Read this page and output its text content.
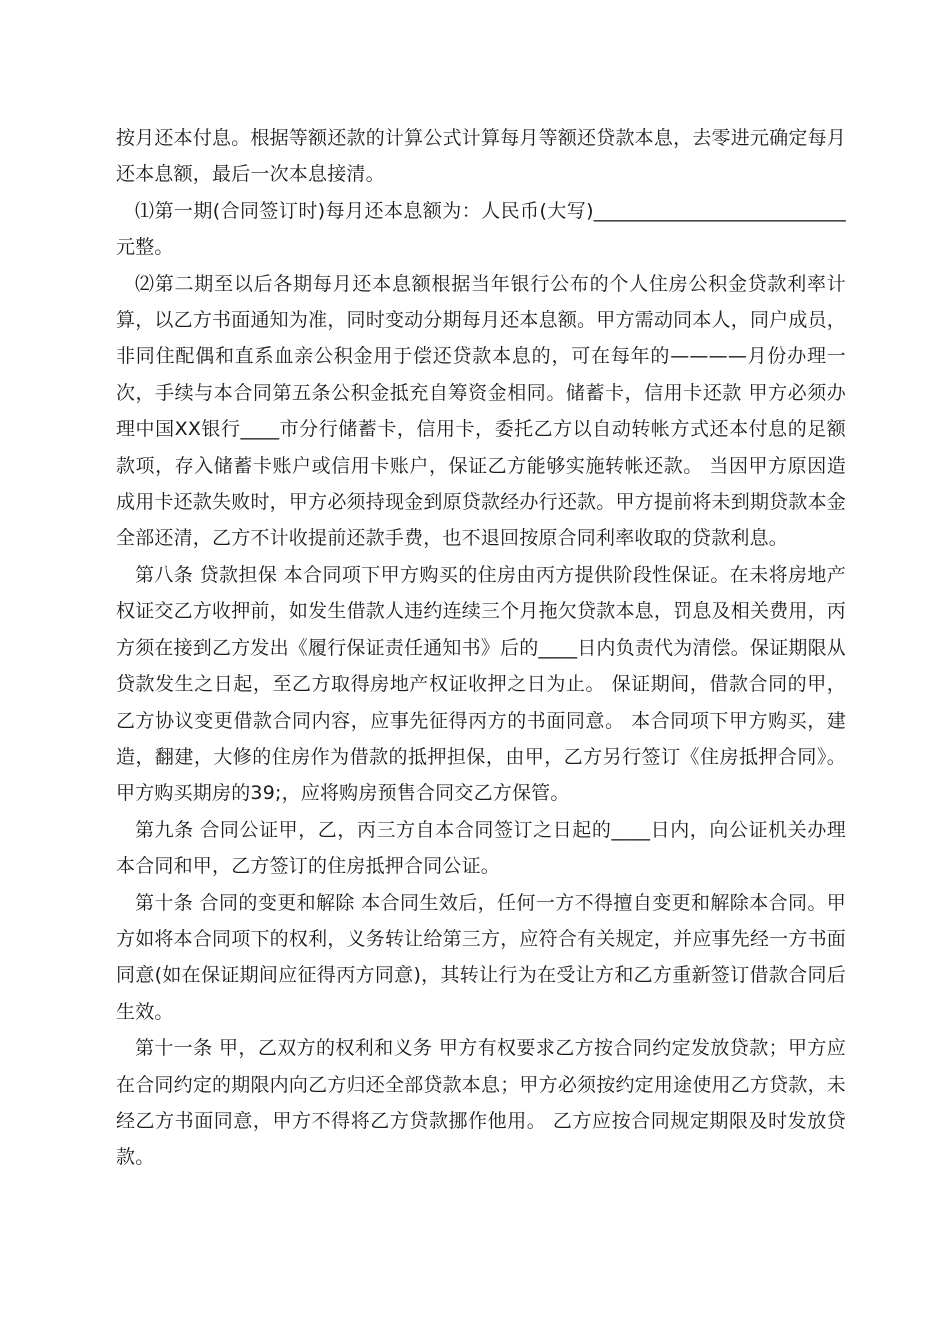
按月还本付息。根据等额还款的计算公式计算每月等额还贷款本息，去零进元确定每月还本息额，最后一次本息接清。

⑴第一期(合同签订时)每月还本息额为：人民币(大写)__________________________元整。

⑵第二期至以后各期每月还本息额根据当年银行公布的个人住房公积金贷款利率计算，以乙方书面通知为准，同时变动分期每月还本息额。甲方需动同本人，同户成员，非同住配偶和直系血亲公积金用于偿还贷款本息的，可在每年的————月份办理一次，手续与本合同第五条公积金抵充自筹资金相同。储蓄卡，信用卡还款 甲方必须办理中国XX银行____市分行储蓄卡，信用卡，委托乙方以自动转帐方式还本付息的足额款项，存入储蓄卡账户或信用卡账户，保证乙方能够实施转帐还款。 当因甲方原因造成用卡还款失败时，甲方必须持现金到原贷款经办行还款。甲方提前将未到期贷款本金全部还清，乙方不计收提前还款手费，也不退回按原合同利率收取的贷款利息。

第八条 贷款担保 本合同项下甲方购买的住房由丙方提供阶段性保证。在未将房地产权证交乙方收押前，如发生借款人违约连续三个月拖欠贷款本息，罚息及相关费用，丙方须在接到乙方发出《履行保证责任通知书》后的____日内负责代为清偿。保证期限从贷款发生之日起，至乙方取得房地产权证收押之日为止。 保证期间，借款合同的甲，乙方协议变更借款合同内容，应事先征得丙方的书面同意。 本合同项下甲方购买，建造，翻建，大修的住房作为借款的抵押担保，由甲，乙方另行签订《住房抵押合同》。甲方购买期房的39;，应将购房预售合同交乙方保管。

第九条 合同公证甲，乙，丙三方自本合同签订之日起的____日内，向公证机关办理本合同和甲，乙方签订的住房抵押合同公证。

第十条 合同的变更和解除 本合同生效后，任何一方不得擅自变更和解除本合同。甲方如将本合同项下的权利，义务转让给第三方，应符合有关规定，并应事先经一方书面同意(如在保证期间应征得丙方同意)，其转让行为在受让方和乙方重新签订借款合同后生效。

第十一条 甲，乙双方的权利和义务 甲方有权要求乙方按合同约定发放贷款；甲方应在合同约定的期限内向乙方归还全部贷款本息；甲方必须按约定用途使用乙方贷款，未经乙方书面同意，甲方不得将乙方贷款挪作他用。 乙方应按合同规定期限及时发放贷款。
